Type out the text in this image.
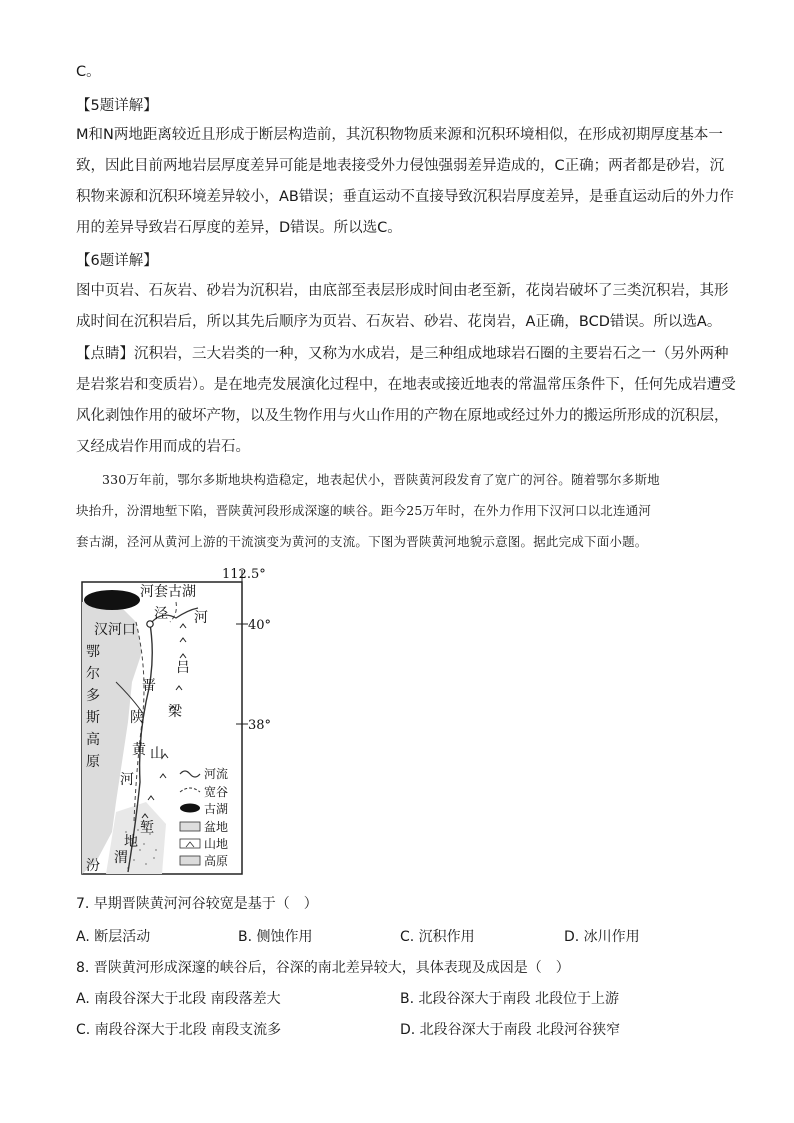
C。
【5题详解】
M和N两地距离较近且形成于断层构造前，其沉积物物质来源和沉积环境相似，在形成初期厚度基本一
致，因此目前两地岩层厚度差异可能是地表接受外力侵蚀强弱差异造成的，C正确；两者都是砂岩，沉
积物来源和沉积环境差异较小，AB错误；垂直运动不直接导致沉积岩厚度差异，是垂直运动后的外力作
用的差异导致岩石厚度的差异，D错误。所以选C。
【6题详解】
图中页岩、石灰岩、砂岩为沉积岩，由底部至表层形成时间由老至新，花岗岩破坏了三类沉积岩，其形
成时间在沉积岩后，所以其先后顺序为页岩、石灰岩、砂岩、花岗岩，A正确，BCD错误。所以选A。
【点睛】沉积岩，三大岩类的一种，又称为水成岩，是三种组成地球岩石圈的主要岩石之一（另外两种
是岩浆岩和变质岩）。是在地壳发展演化过程中，在地表或接近地表的常温常压条件下，任何先成岩遭受
风化剥蚀作用的破坏产物，以及生物作用与火山作用的产物在原地或经过外力的搬运所形成的沉积层，
又经成岩作用而成的岩石。
330万年前，鄂尔多斯地块构造稳定，地表起伏小，晋陕黄河段发育了宽广的河谷。随着鄂尔多斯地
块抬升，汾渭地堑下陷，晋陕黄河段形成深邃的峡谷。距今25万年时，在外力作用下汉河口以北连通河
套古湖，泾河从黄河上游的干流演变为黄河的支流。下图为晋陕黄河地貌示意图。据此完成下面小题。
112.5°
40°
38°
河套古湖
泾 河
汉河口
鄂
尔
多
斯
高
原
吕
梁
山
晋
陕
黄
河
堑
地
渭
汾
河流
宽谷
古湖
盆地
山地
高原
7. 早期晋陕黄河河谷较宽是基于（　）
A. 断层活动	B. 侧蚀作用	C. 沉积作用	D. 冰川作用
8. 晋陕黄河形成深邃的峡谷后，谷深的南北差异较大，具体表现及成因是（　）
A. 南段谷深大于北段 南段落差大	B. 北段谷深大于南段 北段位于上游
C. 南段谷深大于北段 南段支流多	D. 北段谷深大于南段 北段河谷狭窄
